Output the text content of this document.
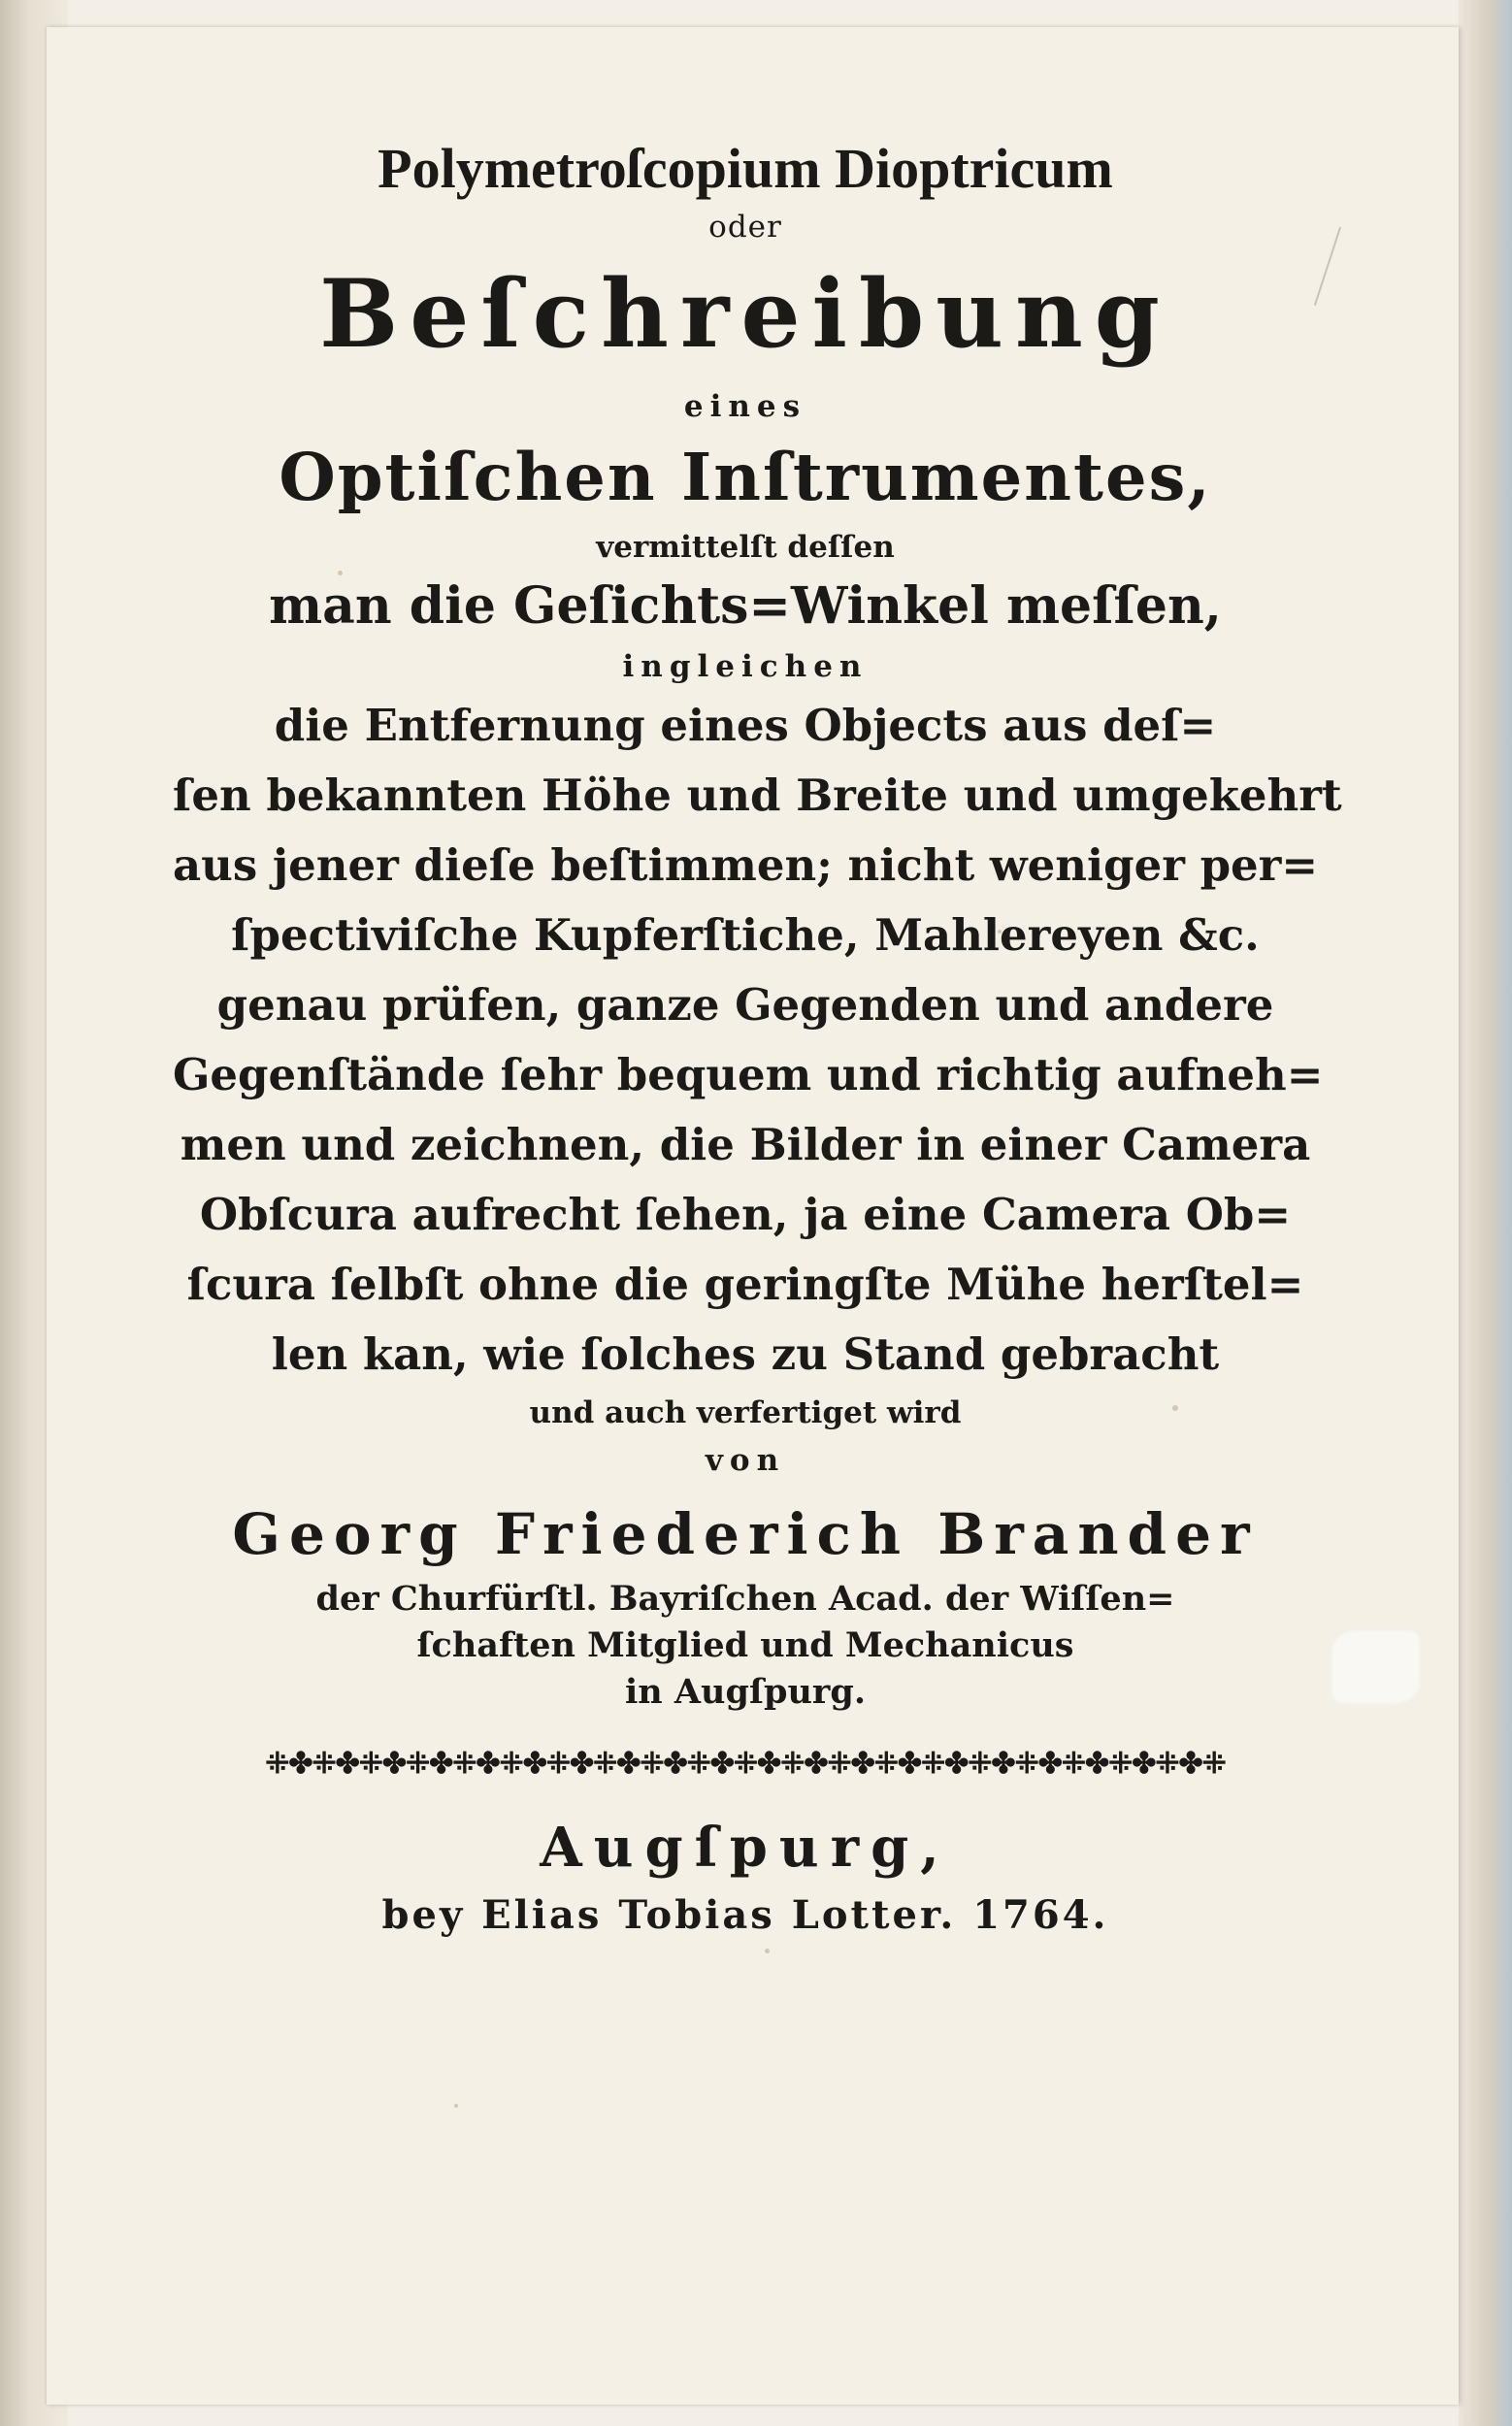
Polymetroſcopium Dioptricum
oder
Beſchreibung
eines
Optiſchen Inſtrumentes,
vermittelſt deſſen
man die Geſichts=Winkel meſſen,
ingleichen
die Entfernung eines Objects aus deſ=
ſen bekannten Höhe und Breite und umgekehrt
aus jener dieſe beſtimmen; nicht weniger per=
ſpectiviſche Kupferſtiche, Mahlereyen &c.
genau prüfen, ganze Gegenden und andere
Gegenſtände ſehr bequem und richtig aufneh=
men und zeichnen, die Bilder in einer Camera
Obſcura aufrecht ſehen, ja eine Camera Ob=
ſcura ſelbſt ohne die geringſte Mühe herſtel=
len kan, wie ſolches zu Stand gebracht
und auch verfertiget wird
von
Georg Friederich Brander
der Churfürſtl. Bayriſchen Acad. der Wiſſen=
ſchaften Mitglied und Mechanicus
in Augſpurg.
⁜✤⁜✤⁜✤⁜✤⁜✤⁜✤⁜✤⁜✤⁜✤⁜✤⁜✤⁜✤⁜✤⁜✤⁜✤⁜✤⁜✤⁜✤⁜✤⁜✤⁜
Augſpurg,
bey Elias Tobias Lotter. 1764.
